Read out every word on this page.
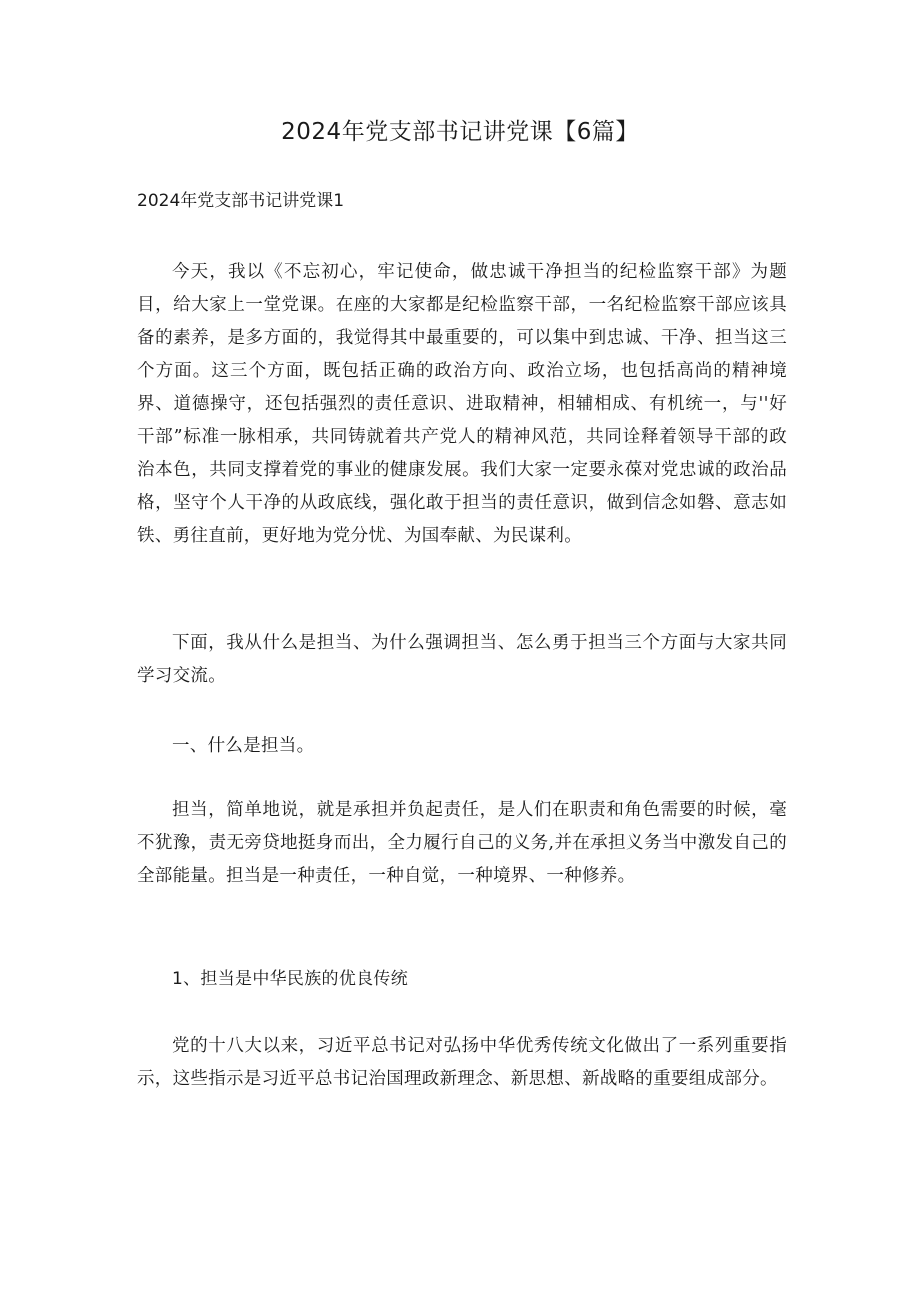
2024年党支部书记讲党课【6篇】
2024年党支部书记讲党课1

今天，我以《不忘初心，牢记使命，做忠诚干净担当的纪检监察干部》为题目，给大家上一堂党课。在座的大家都是纪检监察干部，一名纪检监察干部应该具备的素养，是多方面的，我觉得其中最重要的，可以集中到忠诚、干净、担当这三个方面。这三个方面，既包括正确的政治方向、政治立场，也包括高尚的精神境界、道德操守，还包括强烈的责任意识、进取精神，相辅相成、有机统一，与''好干部”标准一脉相承，共同铸就着共产党人的精神风范，共同诠释着领导干部的政治本色，共同支撑着党的事业的健康发展。我们大家一定要永葆对党忠诚的政治品格，坚守个人干净的从政底线，强化敢于担当的责任意识，做到信念如磐、意志如铁、勇往直前，更好地为党分忧、为国奉献、为民谋利。

下面，我从什么是担当、为什么强调担当、怎么勇于担当三个方面与大家共同学习交流。

一、什么是担当。

担当，简单地说，就是承担并负起责任，是人们在职责和角色需要的时候，毫不犹豫，责无旁贷地挺身而出，全力履行自己的义务,并在承担义务当中激发自己的全部能量。担当是一种责任，一种自觉，一种境界、一种修养。

1、担当是中华民族的优良传统

党的十八大以来，习近平总书记对弘扬中华优秀传统文化做出了一系列重要指示，这些指示是习近平总书记治国理政新理念、新思想、新战略的重要组成部分。
